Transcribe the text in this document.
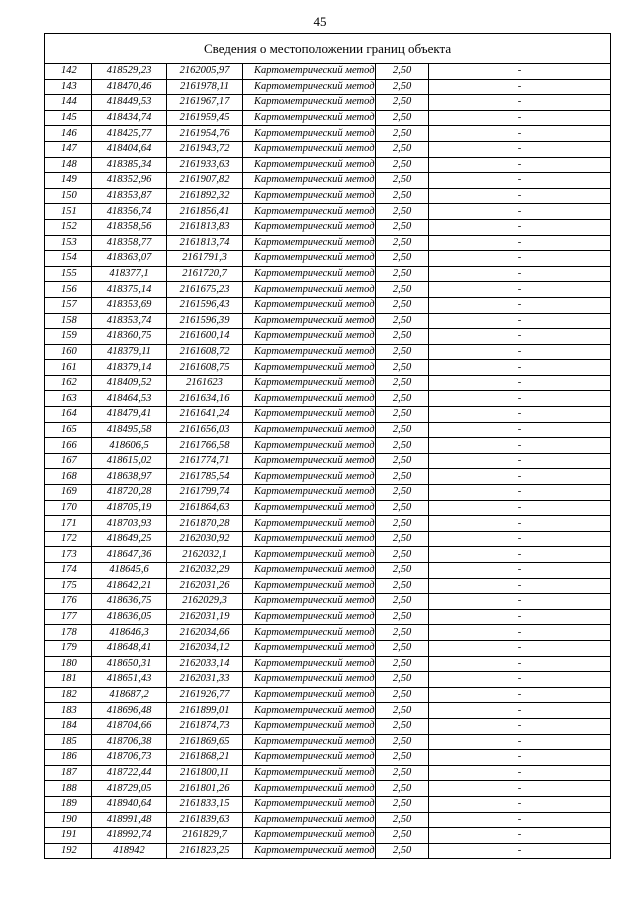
45
Сведения о местоположении границ объекта					
142	418529,23	2162005,97	Картометрический метод	2,50	-
143	418470,46	2161978,11	Картометрический метод	2,50	-
144	418449,53	2161967,17	Картометрический метод	2,50	-
145	418434,74	2161959,45	Картометрический метод	2,50	-
146	418425,77	2161954,76	Картометрический метод	2,50	-
147	418404,64	2161943,72	Картометрический метод	2,50	-
148	418385,34	2161933,63	Картометрический метод	2,50	-
149	418352,96	2161907,82	Картометрический метод	2,50	-
150	418353,87	2161892,32	Картометрический метод	2,50	-
151	418356,74	2161856,41	Картометрический метод	2,50	-
152	418358,56	2161813,83	Картометрический метод	2,50	-
153	418358,77	2161813,74	Картометрический метод	2,50	-
154	418363,07	2161791,3	Картометрический метод	2,50	-
155	418377,1	2161720,7	Картометрический метод	2,50	-
156	418375,14	2161675,23	Картометрический метод	2,50	-
157	418353,69	2161596,43	Картометрический метод	2,50	-
158	418353,74	2161596,39	Картометрический метод	2,50	-
159	418360,75	2161600,14	Картометрический метод	2,50	-
160	418379,11	2161608,72	Картометрический метод	2,50	-
161	418379,14	2161608,75	Картометрический метод	2,50	-
162	418409,52	2161623	Картометрический метод	2,50	-
163	418464,53	2161634,16	Картометрический метод	2,50	-
164	418479,41	2161641,24	Картометрический метод	2,50	-
165	418495,58	2161656,03	Картометрический метод	2,50	-
166	418606,5	2161766,58	Картометрический метод	2,50	-
167	418615,02	2161774,71	Картометрический метод	2,50	-
168	418638,97	2161785,54	Картометрический метод	2,50	-
169	418720,28	2161799,74	Картометрический метод	2,50	-
170	418705,19	2161864,63	Картометрический метод	2,50	-
171	418703,93	2161870,28	Картометрический метод	2,50	-
172	418649,25	2162030,92	Картометрический метод	2,50	-
173	418647,36	2162032,1	Картометрический метод	2,50	-
174	418645,6	2162032,29	Картометрический метод	2,50	-
175	418642,21	2162031,26	Картометрический метод	2,50	-
176	418636,75	2162029,3	Картометрический метод	2,50	-
177	418636,05	2162031,19	Картометрический метод	2,50	-
178	418646,3	2162034,66	Картометрический метод	2,50	-
179	418648,41	2162034,12	Картометрический метод	2,50	-
180	418650,31	2162033,14	Картометрический метод	2,50	-
181	418651,43	2162031,33	Картометрический метод	2,50	-
182	418687,2	2161926,77	Картометрический метод	2,50	-
183	418696,48	2161899,01	Картометрический метод	2,50	-
184	418704,66	2161874,73	Картометрический метод	2,50	-
185	418706,38	2161869,65	Картометрический метод	2,50	-
186	418706,73	2161868,21	Картометрический метод	2,50	-
187	418722,44	2161800,11	Картометрический метод	2,50	-
188	418729,05	2161801,26	Картометрический метод	2,50	-
189	418940,64	2161833,15	Картометрический метод	2,50	-
190	418991,48	2161839,63	Картометрический метод	2,50	-
191	418992,74	2161829,7	Картометрический метод	2,50	-
192	418942	2161823,25	Картометрический метод	2,50	-
